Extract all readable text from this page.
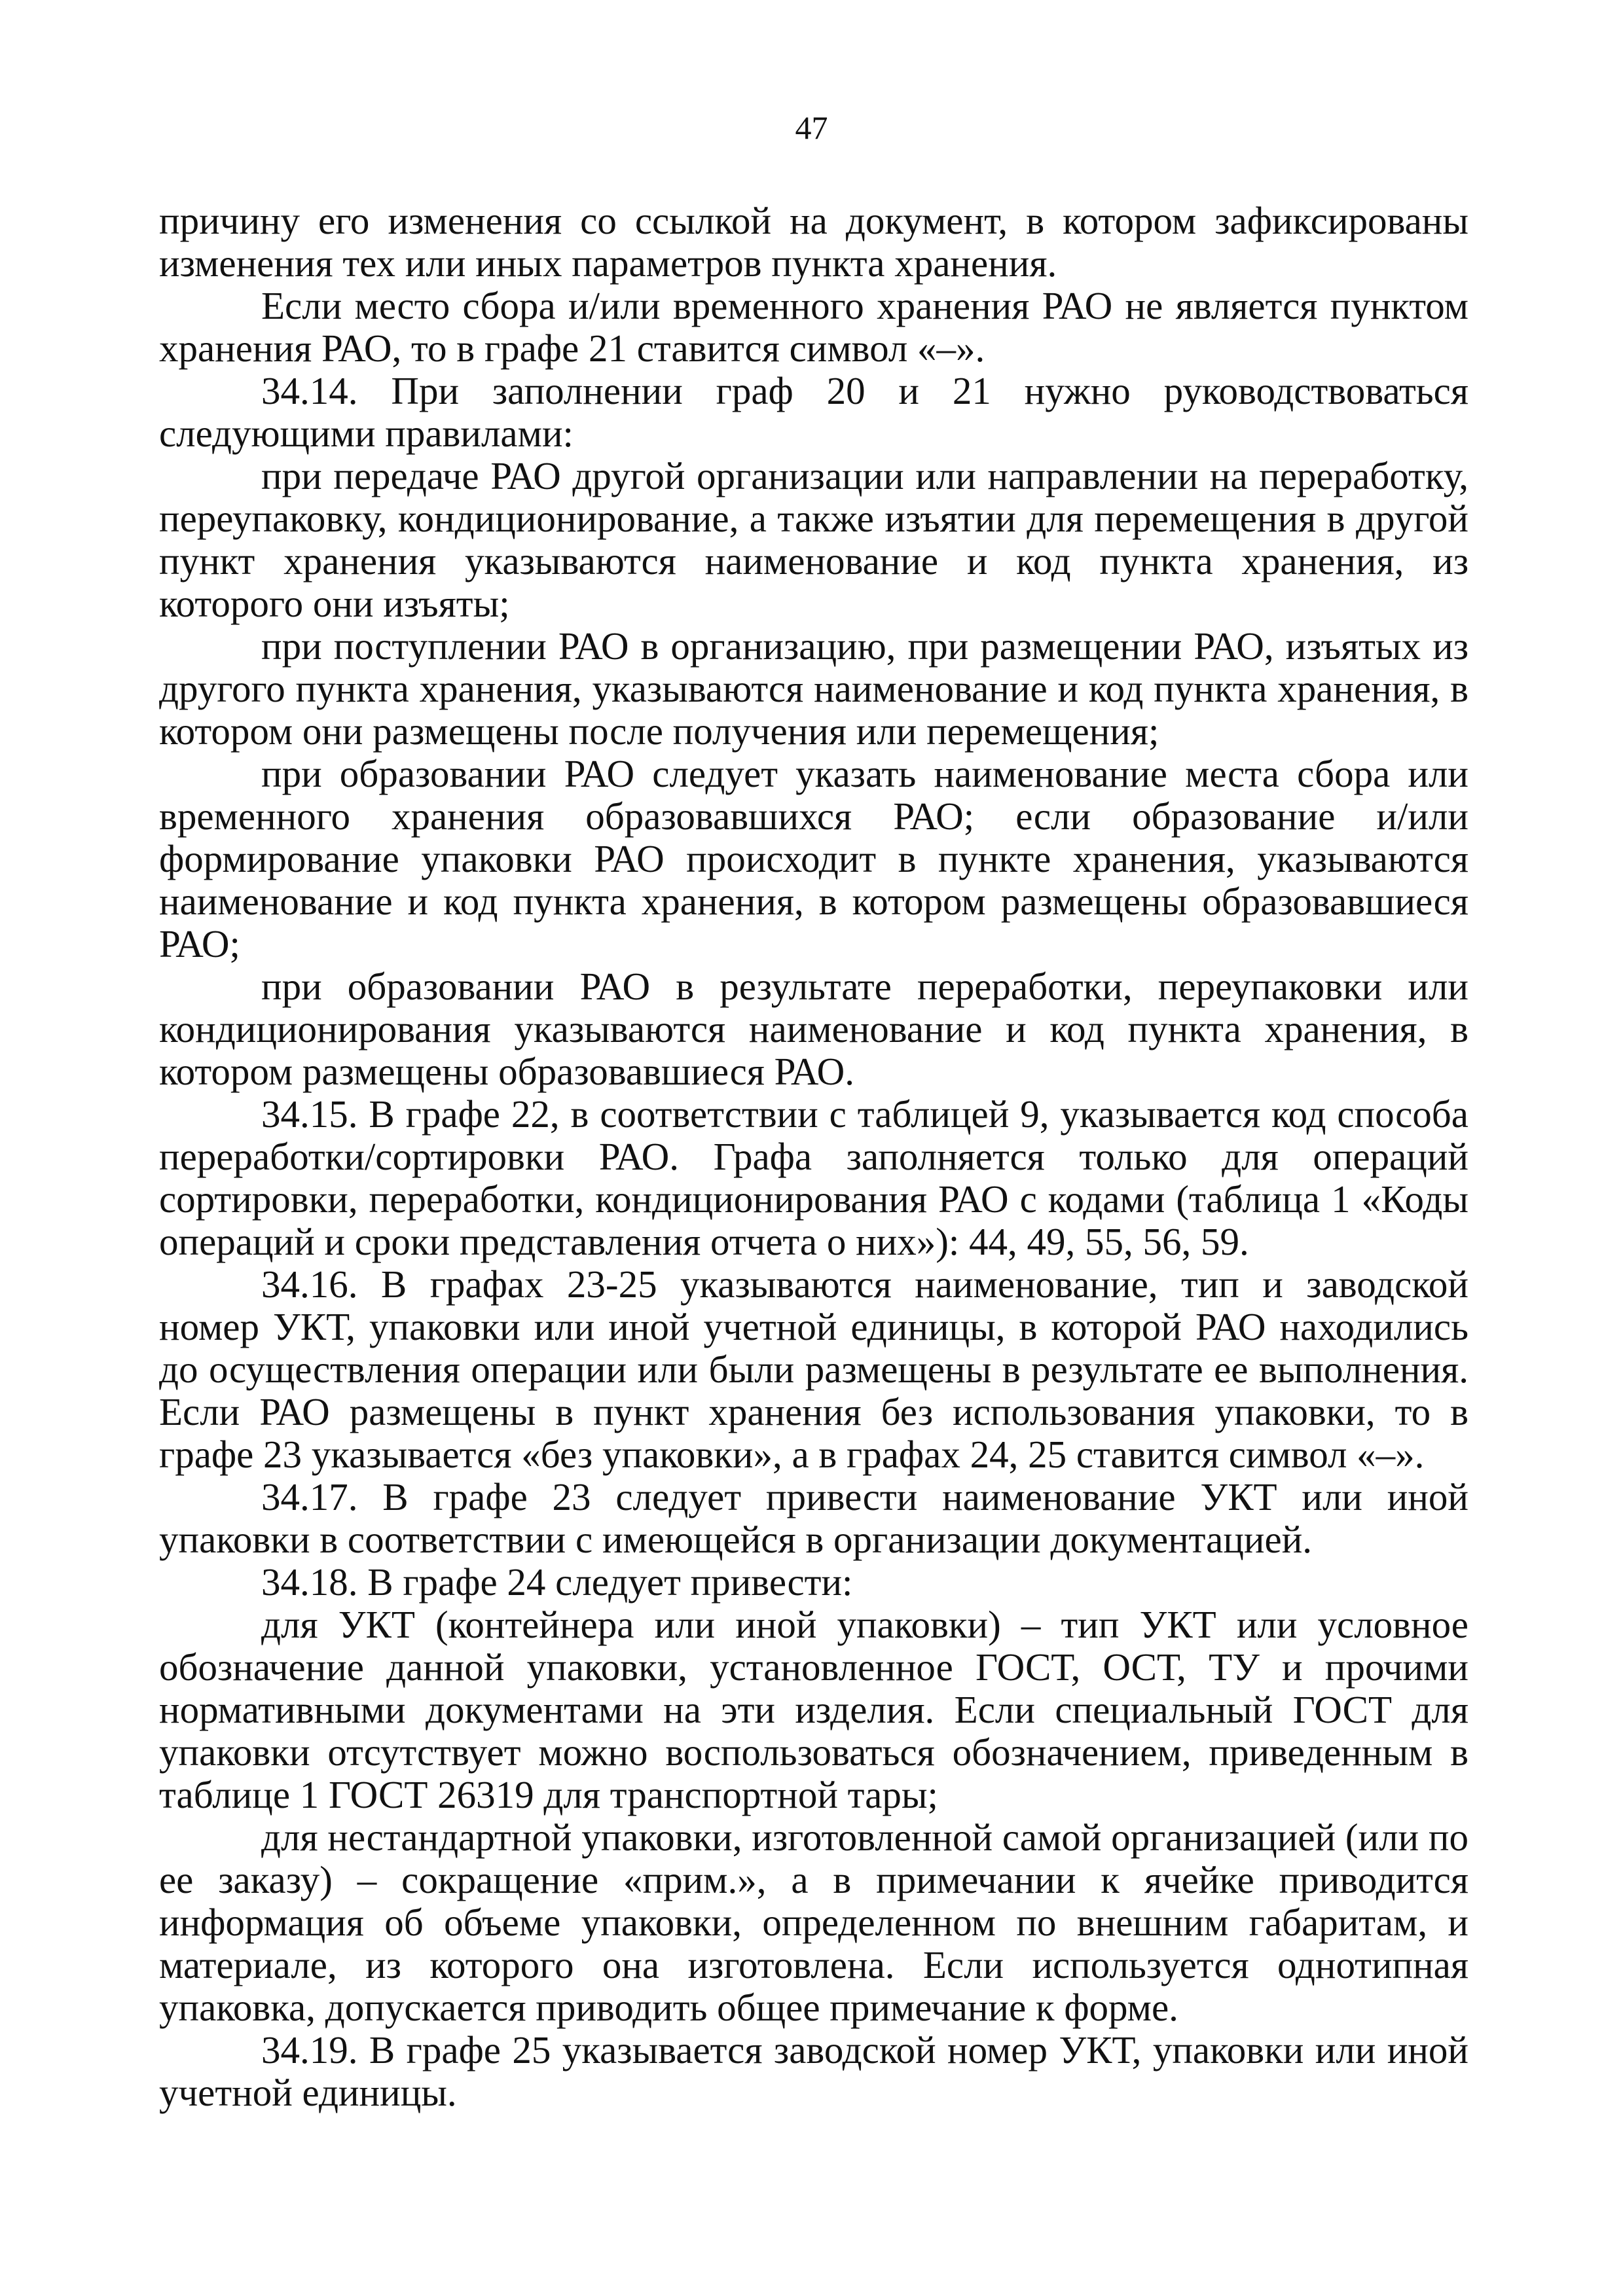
47

причину его изменения со ссылкой на документ, в котором зафиксированы изменения тех или иных параметров пункта хранения.

Если место сбора и/или временного хранения РАО не является пунктом хранения РАО, то в графе 21 ставится символ «–».

34.14. При заполнении граф 20 и 21 нужно руководствоваться следующими правилами:

при передаче РАО другой организации или направлении на переработку, переупаковку, кондиционирование, а также изъятии для перемещения в другой пункт хранения указываются наименование и код пункта хранения, из которого они изъяты;

при поступлении РАО в организацию, при размещении РАО, изъятых из другого пункта хранения, указываются наименование и код пункта хранения, в котором они размещены после получения или перемещения;

при образовании РАО следует указать наименование места сбора или временного хранения образовавшихся РАО; если образование и/или формирование упаковки РАО происходит в пункте хранения, указываются наименование и код пункта хранения, в котором размещены образовавшиеся РАО;

при образовании РАО в результате переработки, переупаковки или кондиционирования указываются наименование и код пункта хранения, в котором размещены образовавшиеся РАО.

34.15. В графе 22, в соответствии с таблицей 9, указывается код способа переработки/сортировки РАО. Графа заполняется только для операций сортировки, переработки, кондиционирования РАО с кодами (таблица 1 «Коды операций и сроки представления отчета о них»): 44, 49, 55, 56, 59.

34.16. В графах 23-25 указываются наименование, тип и заводской номер УКТ, упаковки или иной учетной единицы, в которой РАО находились до осуществления операции или были размещены в результате ее выполнения. Если РАО размещены в пункт хранения без использования упаковки, то в графе 23 указывается «без упаковки», а в графах 24, 25 ставится символ «–».

34.17. В графе 23 следует привести наименование УКТ или иной упаковки в соответствии с имеющейся в организации документацией.

34.18. В графе 24 следует привести:

для УКТ (контейнера или иной упаковки) – тип УКТ или условное обозначение данной упаковки, установленное ГОСТ, ОСТ, ТУ и прочими нормативными документами на эти изделия. Если специальный ГОСТ для упаковки отсутствует можно воспользоваться обозначением, приведенным в таблице 1 ГОСТ 26319 для транспортной тары;

для нестандартной упаковки, изготовленной самой организацией (или по ее заказу) – сокращение «прим.», а в примечании к ячейке приводится информация об объеме упаковки, определенном по внешним габаритам, и материале, из которого она изготовлена. Если используется однотипная упаковка, допускается приводить общее примечание к форме.

34.19. В графе 25 указывается заводской номер УКТ, упаковки или иной учетной единицы.
